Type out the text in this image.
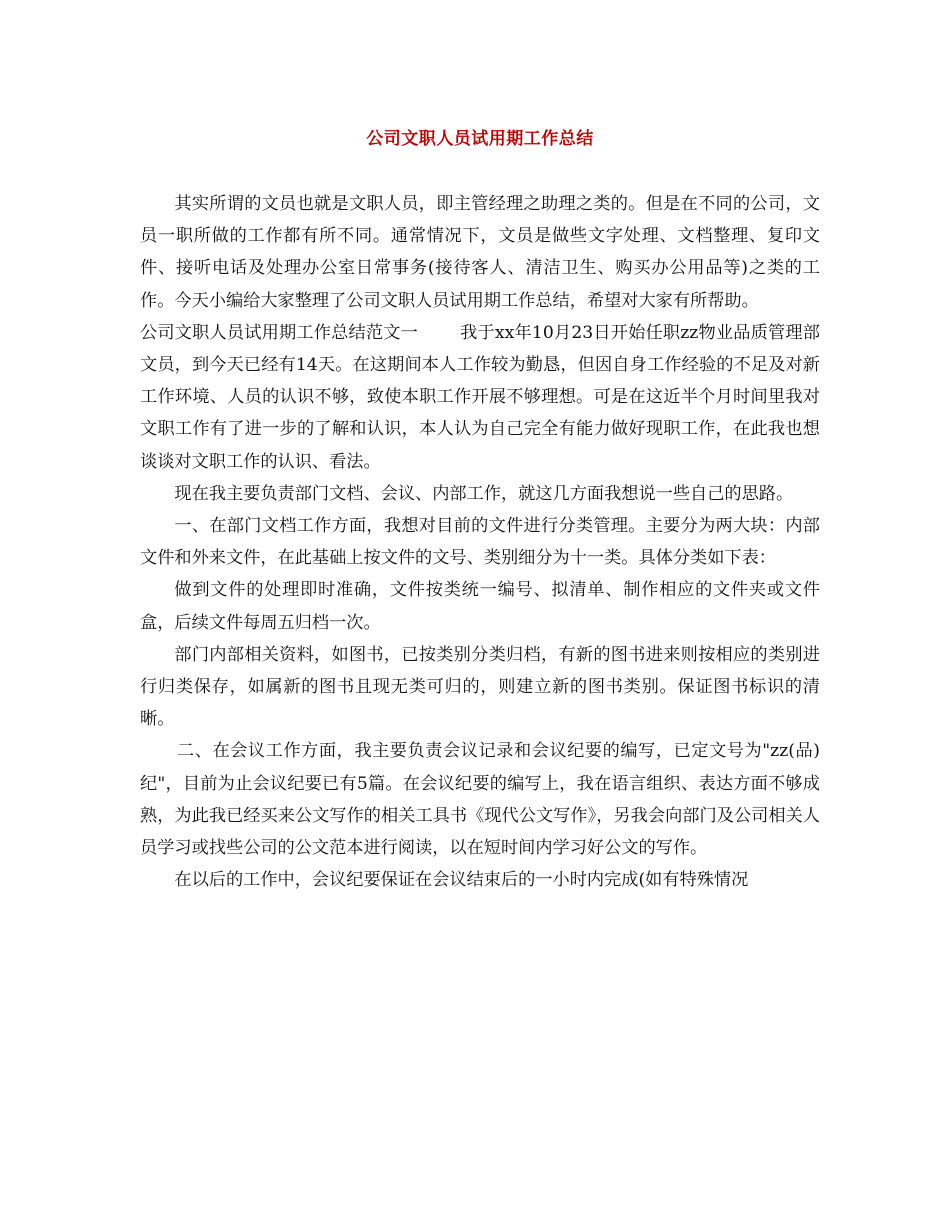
公司文职人员试用期工作总结

其实所谓的文员也就是文职人员，即主管经理之助理之类的。但是在不同的公司，文员一职所做的工作都有所不同。通常情况下，文员是做些文字处理、文档整理、复印文件、接听电话及处理办公室日常事务(接待客人、清洁卫生、购买办公用品等)之类的工作。今天小编给大家整理了公司文职人员试用期工作总结，希望对大家有所帮助。

公司文职人员试用期工作总结范文一 我于xx年10月23日开始任职zz物业品质管理部文员，到今天已经有14天。在这期间本人工作较为勤恳，但因自身工作经验的不足及对新工作环境、人员的认识不够，致使本职工作开展不够理想。可是在这近半个月时间里我对文职工作有了进一步的了解和认识，本人认为自己完全有能力做好现职工作，在此我也想谈谈对文职工作的认识、看法。

现在我主要负责部门文档、会议、内部工作，就这几方面我想说一些自己的思路。

一、在部门文档工作方面，我想对目前的文件进行分类管理。主要分为两大块：内部文件和外来文件，在此基础上按文件的文号、类别细分为十一类。具体分类如下表：

做到文件的处理即时准确，文件按类统一编号、拟清单、制作相应的文件夹或文件盒，后续文件每周五归档一次。

部门内部相关资料，如图书，已按类别分类归档，有新的图书进来则按相应的类别进行归类保存，如属新的图书且现无类可归的，则建立新的图书类别。保证图书标识的清晰。

二、在会议工作方面，我主要负责会议记录和会议纪要的编写，已定文号为"zz(品)纪"，目前为止会议纪要已有5篇。在会议纪要的编写上，我在语言组织、表达方面不够成熟，为此我已经买来公文写作的相关工具书《现代公文写作》，另我会向部门及公司相关人员学习或找些公司的公文范本进行阅读，以在短时间内学习好公文的写作。

在以后的工作中，会议纪要保证在会议结束后的一小时内完成(如有特殊情况
